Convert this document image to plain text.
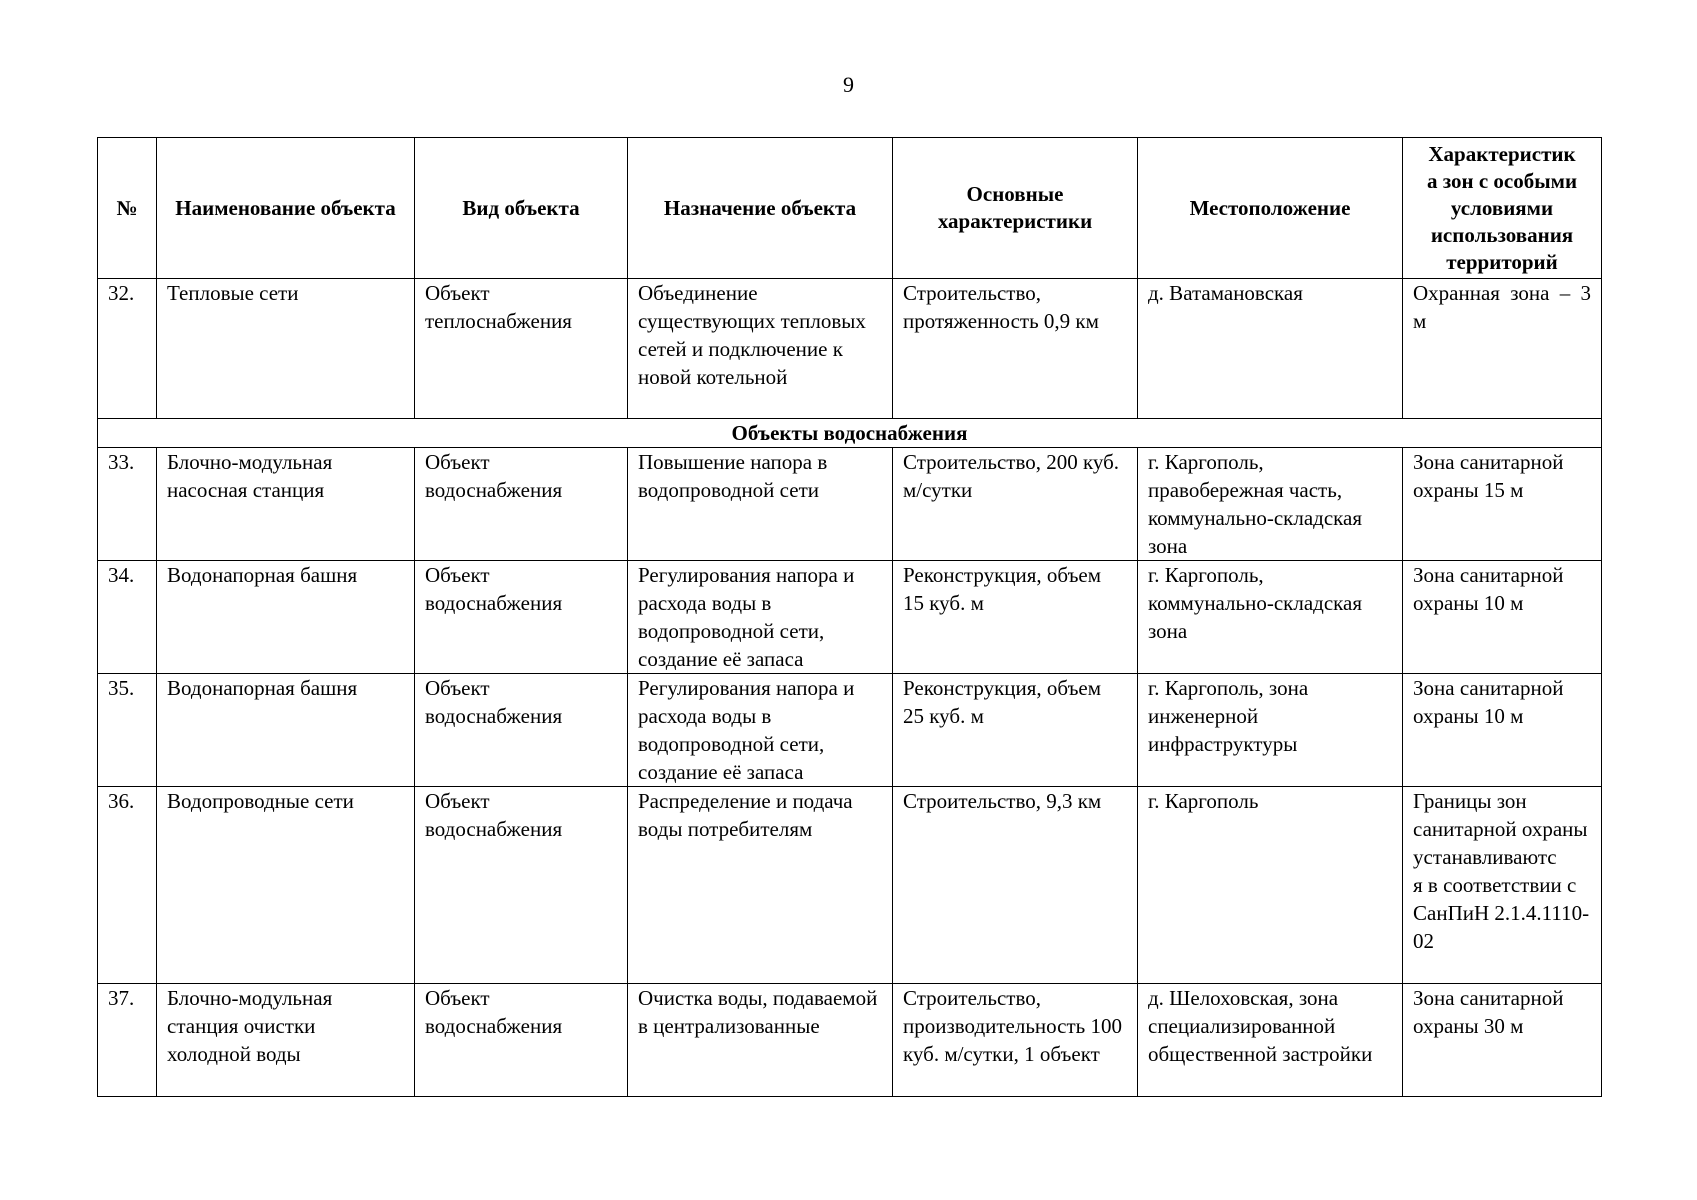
9
№	Наименование объекта	Вид объекта	Назначение объекта	Основные характеристики	Местоположение	Характеристик
а зон с особыми условиями использования территорий

32.	Тепловые сети	Объект теплоснабжения	Объединение существующих тепловых сетей и подключение к новой котельной	Строительство, протяженность 0,9 км	д. Ватамановская	Охранная зона – 3 м
Объекты водоснабжения						
33.	Блочно-модульная насосная станция	Объект водоснабжения	Повышение напора в водопроводной сети	Строительство, 200 куб. м/сутки	г. Каргополь, правобережная часть, коммунально-складская зона	Зона санитарной охраны 15 м
34.	Водонапорная башня	Объект водоснабжения	Регулирования напора и расхода воды в водопроводной сети, создание её запаса	Реконструкция, объем 15 куб. м	г. Каргополь, коммунально-складская зона	Зона санитарной охраны 10 м
35.	Водонапорная башня	Объект водоснабжения	Регулирования напора и расхода воды в водопроводной сети, создание её запаса	Реконструкция, объем 25 куб. м	г. Каргополь, зона инженерной инфраструктуры	Зона санитарной охраны 10 м
36.	Водопроводные сети	Объект водоснабжения	Распределение и подача воды потребителям	Строительство, 9,3 км	г. Каргополь	Границы зон санитарной охраны устанавливаютс
я в соответствии с СанПиН 2.1.4.1110-02

37.	Блочно-модульная станция очистки холодной воды	Объект водоснабжения	Очистка воды, подаваемой в централизованные	Строительство, производительность 100 куб. м/сутки, 1 объект	д. Шелоховская, зона специализированной общественной застройки	Зона санитарной охраны 30 м
